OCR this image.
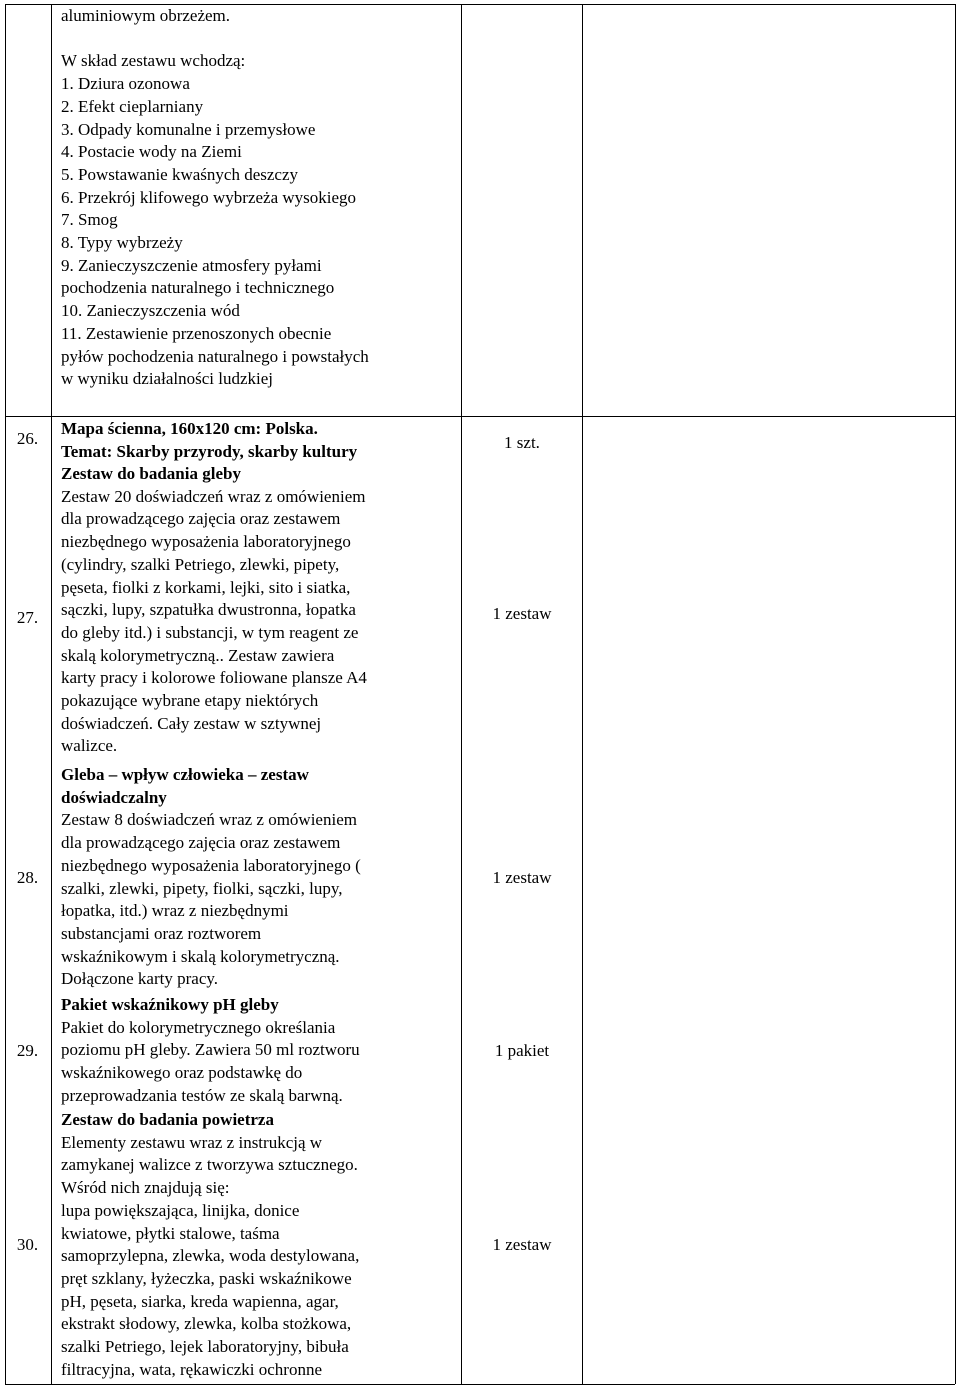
aluminiowym obrzeżem.

W skład zestawu wchodzą:
1. Dziura ozonowa
2. Efekt cieplarniany
3. Odpady komunalne i przemysłowe
4. Postacie wody na Ziemi
5. Powstawanie kwaśnych deszczy
6. Przekrój klifowego wybrzeża wysokiego
7. Smog
8. Typy wybrzeży
9. Zanieczyszczenie atmosfery pyłami
pochodzenia naturalnego i technicznego
10. Zanieczyszczenia wód
11. Zestawienie przenoszonych obecnie
pyłów pochodzenia naturalnego i powstałych
w wyniku działalności ludzkiej
26.
Mapa ścienna, 160x120 cm: Polska.
Temat: Skarby przyrody, skarby kultury	1 szt.
27.
Zestaw do badania gleby
Zestaw 20 doświadczeń wraz z omówieniem
dla prowadzącego zajęcia oraz zestawem
niezbędnego wyposażenia laboratoryjnego
(cylindry, szalki Petriego, zlewki, pipety,
pęseta, fiolki z korkami, lejki, sito i siatka,
sączki, lupy, szpatułka dwustronna, łopatka
do gleby itd.) i substancji, w tym reagent ze
skalą kolorymetryczną.. Zestaw zawiera
karty pracy i kolorowe foliowane plansze A4
pokazujące wybrane etapy niektórych
doświadczeń. Cały zestaw w sztywnej
walizce.
1 zestaw
28.
Gleba – wpływ człowieka – zestaw
doświadczalny
Zestaw 8 doświadczeń wraz z omówieniem
dla prowadzącego zajęcia oraz zestawem
niezbędnego wyposażenia laboratoryjnego (
szalki, zlewki, pipety, fiolki, sączki, lupy,
łopatka, itd.) wraz z niezbędnymi
substancjami oraz roztworem
wskaźnikowym i skalą kolorymetryczną.
Dołączone karty pracy.
1 zestaw
29.
Pakiet wskaźnikowy pH gleby
Pakiet do kolorymetrycznego określania
poziomu pH gleby. Zawiera 50 ml roztworu
wskaźnikowego oraz podstawkę do
przeprowadzania testów ze skalą barwną.
1 pakiet
30.
Zestaw do badania powietrza
Elementy zestawu wraz z instrukcją w
zamykanej walizce z tworzywa sztucznego.
Wśród nich znajdują się:
lupa powiększająca, linijka, donice
kwiatowe, płytki stalowe, taśma
samoprzylepna, zlewka, woda destylowana,
pręt szklany, łyżeczka, paski wskaźnikowe
pH, pęseta, siarka, kreda wapienna, agar,
ekstrakt słodowy, zlewka, kolba stożkowa,
szalki Petriego, lejek laboratoryjny, bibuła
filtracyjna, wata, rękawiczki ochronne
1 zestaw
